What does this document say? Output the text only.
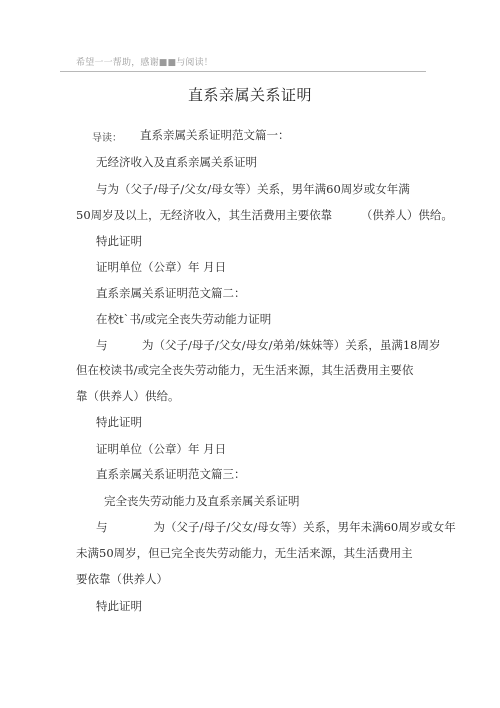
希望一一帮助，感谢■■与阅读！
直系亲属关系证明
导读： 直系亲属关系证明范文篇一：
无经济收入及直系亲属关系证明
与为（父子/母子/父女/母女等）关系，男年满60周岁或女年满
50周岁及以上，无经济收入，其生活费用主要依靠　　　（供养人）供给。
特此证明
证明单位（公章）年 月日
直系亲属关系证明范文篇二：
在校t`书/或完全丧失劳动能力证明
与　　　为（父子/母子/父女/母女/弟弟/妹妹等）关系，虽满18周岁
但在校读书/或完全丧失劳动能力，无生活来源，其生活费用主要依
靠（供养人）供给。
特此证明
证明单位（公章）年 月日
直系亲属关系证明范文篇三：
完全丧失劳动能力及直系亲属关系证明
与　　　　为（父子/母子/父女/母女等）关系，男年未满60周岁或女年
未满50周岁，但已完全丧失劳动能力，无生活来源，其生活费用主
要依靠（供养人）
特此证明
